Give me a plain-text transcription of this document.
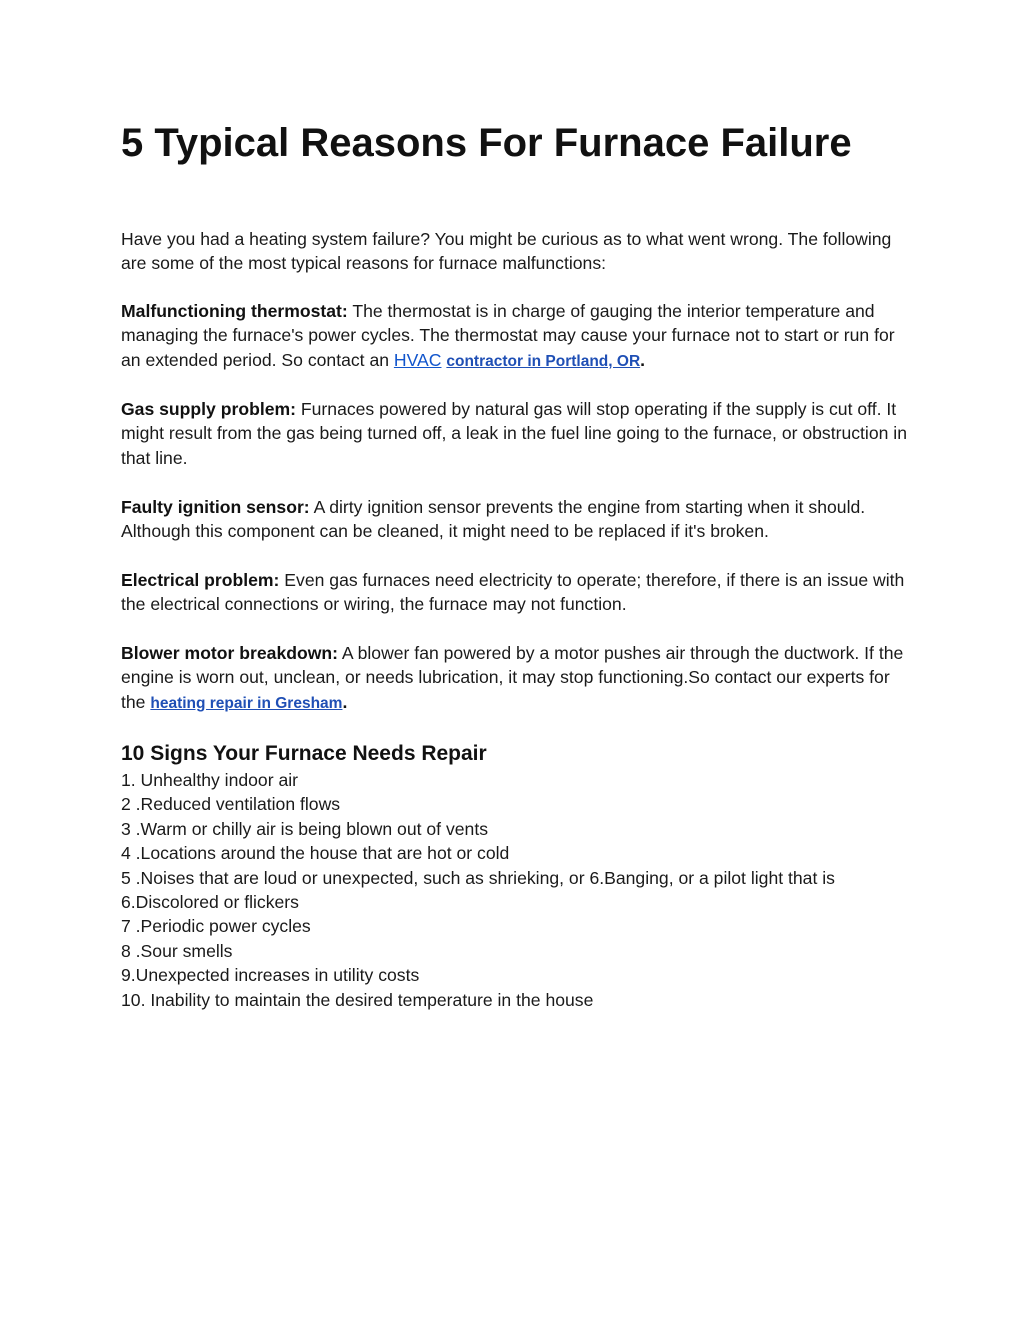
5 Typical Reasons For Furnace Failure

Have you had a heating system failure? You might be curious as to what went wrong. The following are some of the most typical reasons for furnace malfunctions:

Malfunctioning thermostat: The thermostat is in charge of gauging the interior temperature and managing the furnace's power cycles. The thermostat may cause your furnace not to start or run for an extended period. So contact an HVAC contractor in Portland, OR.

Gas supply problem: Furnaces powered by natural gas will stop operating if the supply is cut off. It might result from the gas being turned off, a leak in the fuel line going to the furnace, or obstruction in that line.

Faulty ignition sensor: A dirty ignition sensor prevents the engine from starting when it should. Although this component can be cleaned, it might need to be replaced if it's broken.

Electrical problem: Even gas furnaces need electricity to operate; therefore, if there is an issue with the electrical connections or wiring, the furnace may not function.

Blower motor breakdown: A blower fan powered by a motor pushes air through the ductwork. If the engine is worn out, unclean, or needs lubrication, it may stop functioning.So contact our experts for the heating repair in Gresham.

10 Signs Your Furnace Needs Repair
1. Unhealthy indoor air
2 .Reduced ventilation flows
3 .Warm or chilly air is being blown out of vents
4 .Locations around the house that are hot or cold
5 .Noises that are loud or unexpected, such as shrieking, or 6.Banging, or a pilot light that is
6.Discolored or flickers
7 .Periodic power cycles
8 .Sour smells
9.Unexpected increases in utility costs
10. Inability to maintain the desired temperature in the house
